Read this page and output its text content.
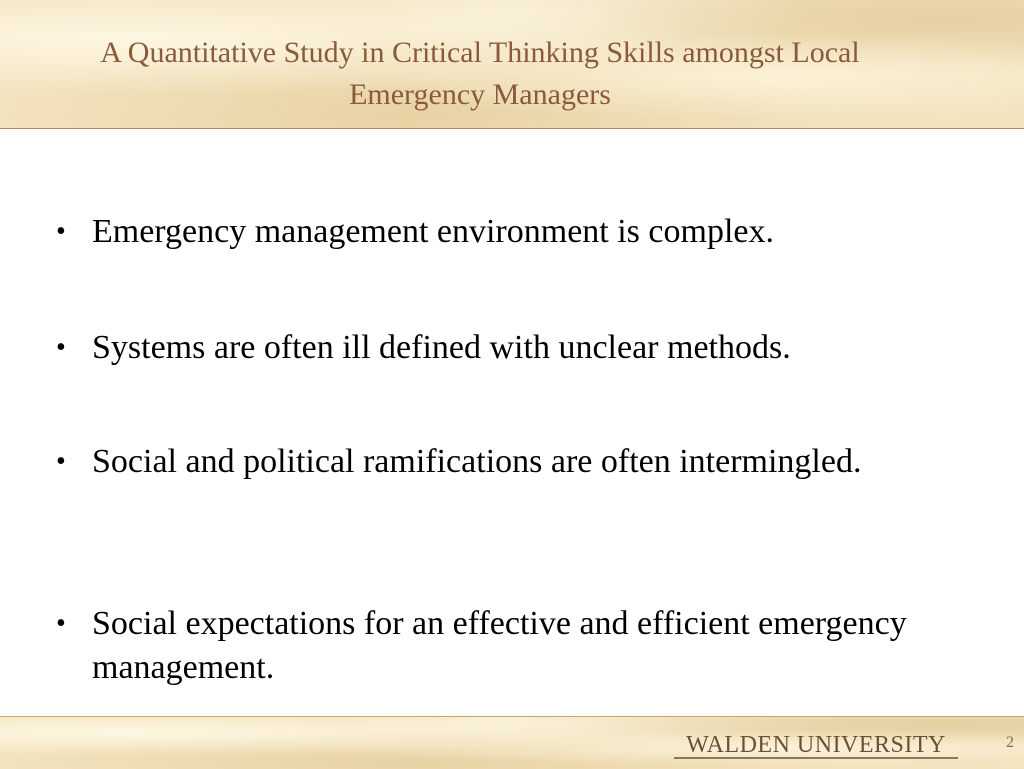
A Quantitative Study in Critical Thinking Skills amongst Local Emergency Managers
• Emergency management environment is complex.
• Systems are often ill defined with unclear methods.
• Social and political ramifications are often intermingled.
• Social expectations for an effective and efficient emergency management.
WALDEN UNIVERSITY	2
